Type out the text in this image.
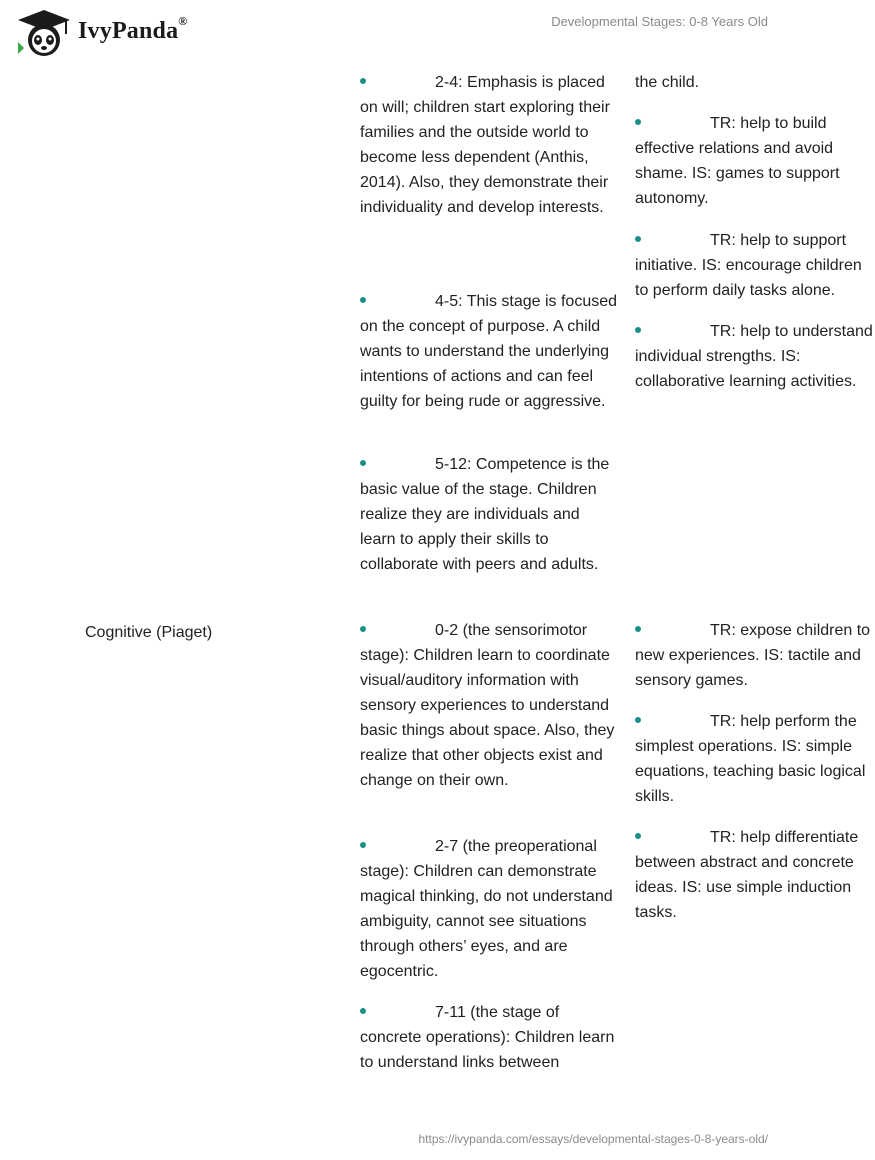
IvyPanda®	Developmental Stages: 0-8 Years Old
Cognitive (Piaget)
2-4: Emphasis is placed on will; children start exploring their families and the outside world to become less dependent (Anthis, 2014). Also, they demonstrate their individuality and develop interests.
4-5: This stage is focused on the concept of purpose. A child wants to understand the underlying intentions of actions and can feel guilty for being rude or aggressive.
5-12: Competence is the basic value of the stage. Children realize they are individuals and learn to apply their skills to collaborate with peers and adults.
0-2 (the sensorimotor stage): Children learn to coordinate visual/auditory information with sensory experiences to understand basic things about space. Also, they realize that other objects exist and change on their own.
2-7 (the preoperational stage): Children can demonstrate magical thinking, do not understand ambiguity, cannot see situations through others’ eyes, and are egocentric.
7-11 (the stage of concrete operations): Children learn to understand links between
the child.
TR: help to build effective relations and avoid shame. IS: games to support autonomy.
TR: help to support initiative. IS: encourage children to perform daily tasks alone.
TR: help to understand individual strengths. IS: collaborative learning activities.
TR: expose children to new experiences. IS: tactile and sensory games.
TR: help perform the simplest operations. IS: simple equations, teaching basic logical skills.
TR: help differentiate between abstract and concrete ideas. IS: use simple induction tasks.
https://ivypanda.com/essays/developmental-stages-0-8-years-old/
